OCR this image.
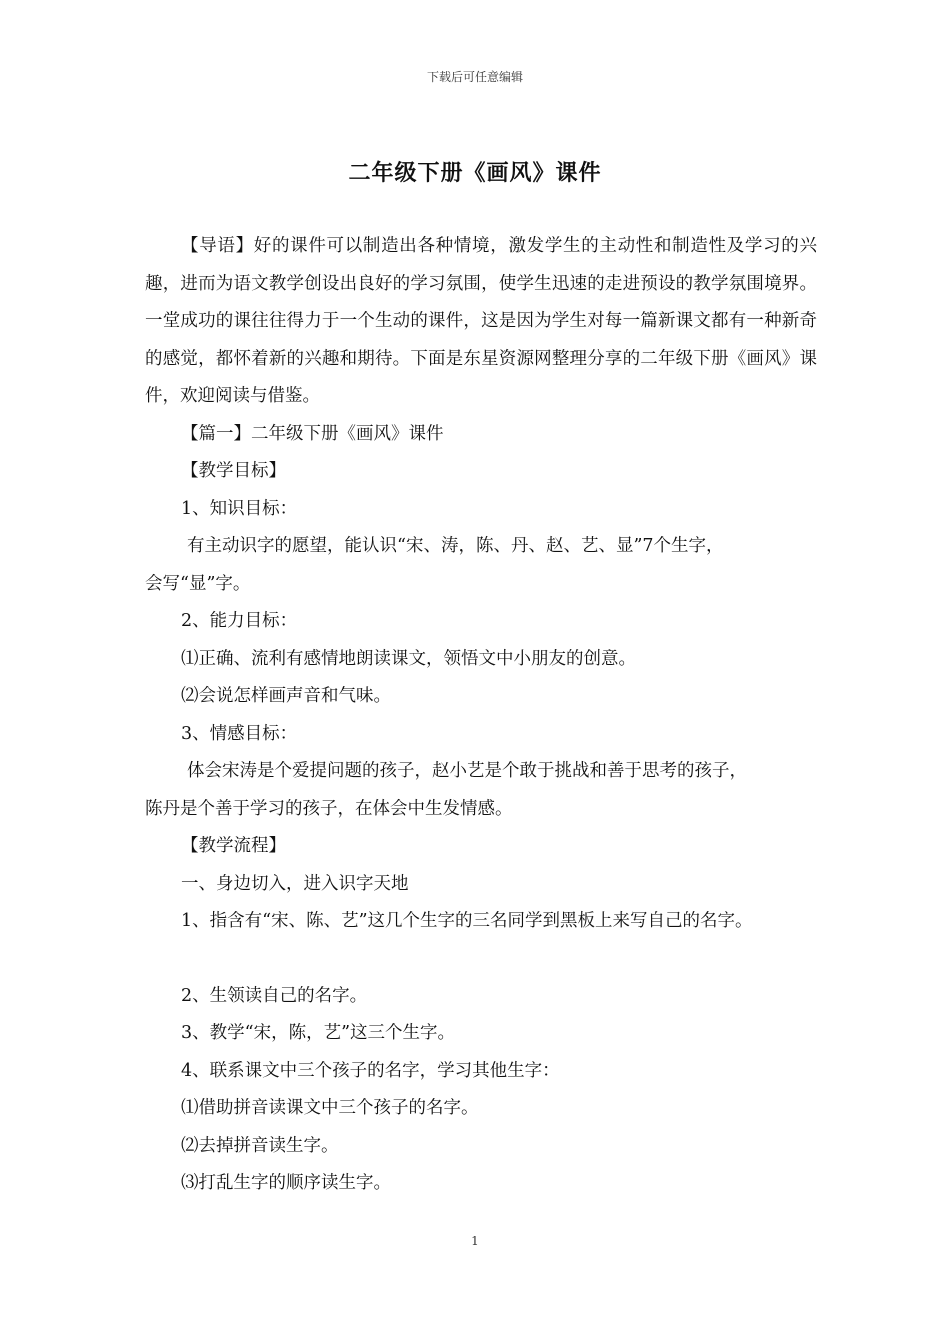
下载后可任意编辑
二年级下册《画风》课件

【导语】好的课件可以制造出各种情境，激发学生的主动性和制造性及学习的兴趣，进而为语文教学创设出良好的学习氛围，使学生迅速的走进预设的教学氛围境界。一堂成功的课往往得力于一个生动的课件，这是因为学生对每一篇新课文都有一种新奇的感觉，都怀着新的兴趣和期待。下面是东星资源网整理分享的二年级下册《画风》课件，欢迎阅读与借鉴。

【篇一】二年级下册《画风》课件
【教学目标】
1、知识目标：
有主动识字的愿望，能认识“宋、涛，陈、丹、赵、艺、显”7个生字，
会写“显”字。
2、能力目标：
⑴正确、流利有感情地朗读课文，领悟文中小朋友的创意。
⑵会说怎样画声音和气味。
3、情感目标：
体会宋涛是个爱提问题的孩子，赵小艺是个敢于挑战和善于思考的孩子，
陈丹是个善于学习的孩子，在体会中生发情感。
【教学流程】
一、身边切入，进入识字天地
1、指含有“宋、陈、艺”这几个生字的三名同学到黑板上来写自己的名字。
2、生领读自己的名字。
3、教学“宋，陈，艺”这三个生字。
4、联系课文中三个孩子的名字，学习其他生字：
⑴借助拼音读课文中三个孩子的名字。
⑵去掉拼音读生字。
⑶打乱生字的顺序读生字。
1
